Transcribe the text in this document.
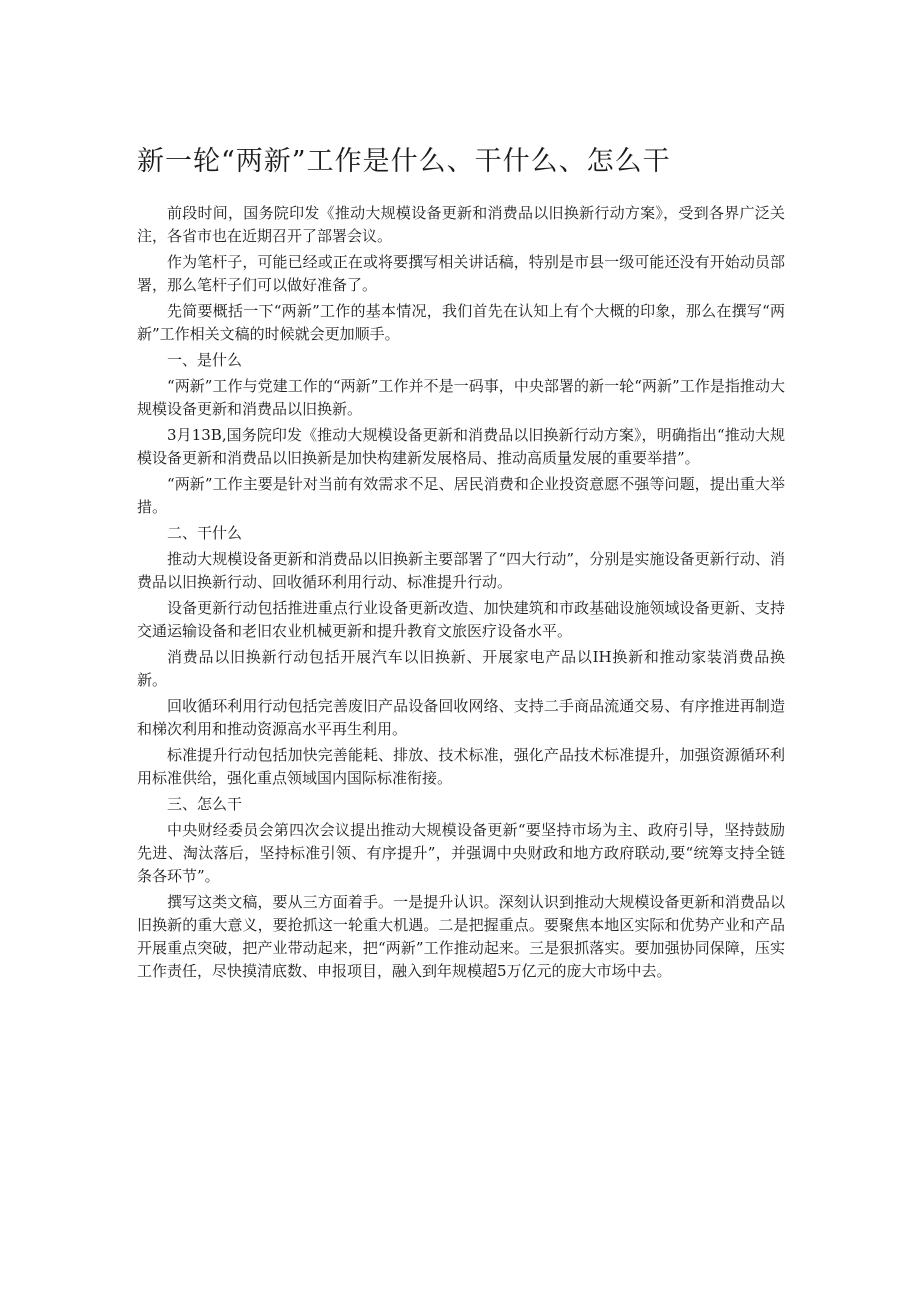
新一轮“两新”工作是什么、干什么、怎么干

前段时间，国务院印发《推动大规模设备更新和消费品以旧换新行动方案》，受到各界广泛关注，各省市也在近期召开了部署会议。

作为笔杆子，可能已经或正在或将要撰写相关讲话稿，特别是市县一级可能还没有开始动员部署，那么笔杆子们可以做好准备了。

先简要概括一下“两新”工作的基本情况，我们首先在认知上有个大概的印象，那么在撰写“两新”工作相关文稿的时候就会更加顺手。

一、是什么

“两新”工作与党建工作的“两新”工作并不是一码事，中央部署的新一轮“两新”工作是指推动大规模设备更新和消费品以旧换新。

3月13B,国务院印发《推动大规模设备更新和消费品以旧换新行动方案》，明确指出“推动大规模设备更新和消费品以旧换新是加快构建新发展格局、推动高质量发展的重要举措”。

“两新”工作主要是针对当前有效需求不足、居民消费和企业投资意愿不强等问题，提出重大举措。

二、干什么

推动大规模设备更新和消费品以旧换新主要部署了“四大行动”，分别是实施设备更新行动、消费品以旧换新行动、回收循环利用行动、标准提升行动。

设备更新行动包括推进重点行业设备更新改造、加快建筑和市政基础设施领域设备更新、支持交通运输设备和老旧农业机械更新和提升教育文旅医疗设备水平。

消费品以旧换新行动包括开展汽车以旧换新、开展家电产品以IH换新和推动家装消费品换新。

回收循环利用行动包括完善废旧产品设备回收网络、支持二手商品流通交易、有序推进再制造和梯次利用和推动资源高水平再生利用。

标准提升行动包括加快完善能耗、排放、技术标准，强化产品技术标准提升，加强资源循环利用标准供给，强化重点领域国内国际标准衔接。

三、怎么干

中央财经委员会第四次会议提出推动大规模设备更新“要坚持市场为主、政府引导，坚持鼓励先进、淘汰落后，坚持标准引领、有序提升”，并强调中央财政和地方政府联动,要“统筹支持全链条各环节”。

撰写这类文稿，要从三方面着手。一是提升认识。深刻认识到推动大规模设备更新和消费品以旧换新的重大意义，要抢抓这一轮重大机遇。二是把握重点。要聚焦本地区实际和优势产业和产品开展重点突破，把产业带动起来，把“两新”工作推动起来。三是狠抓落实。要加强协同保障，压实工作责任，尽快摸清底数、申报项目，融入到年规模超5万亿元的庞大市场中去。
